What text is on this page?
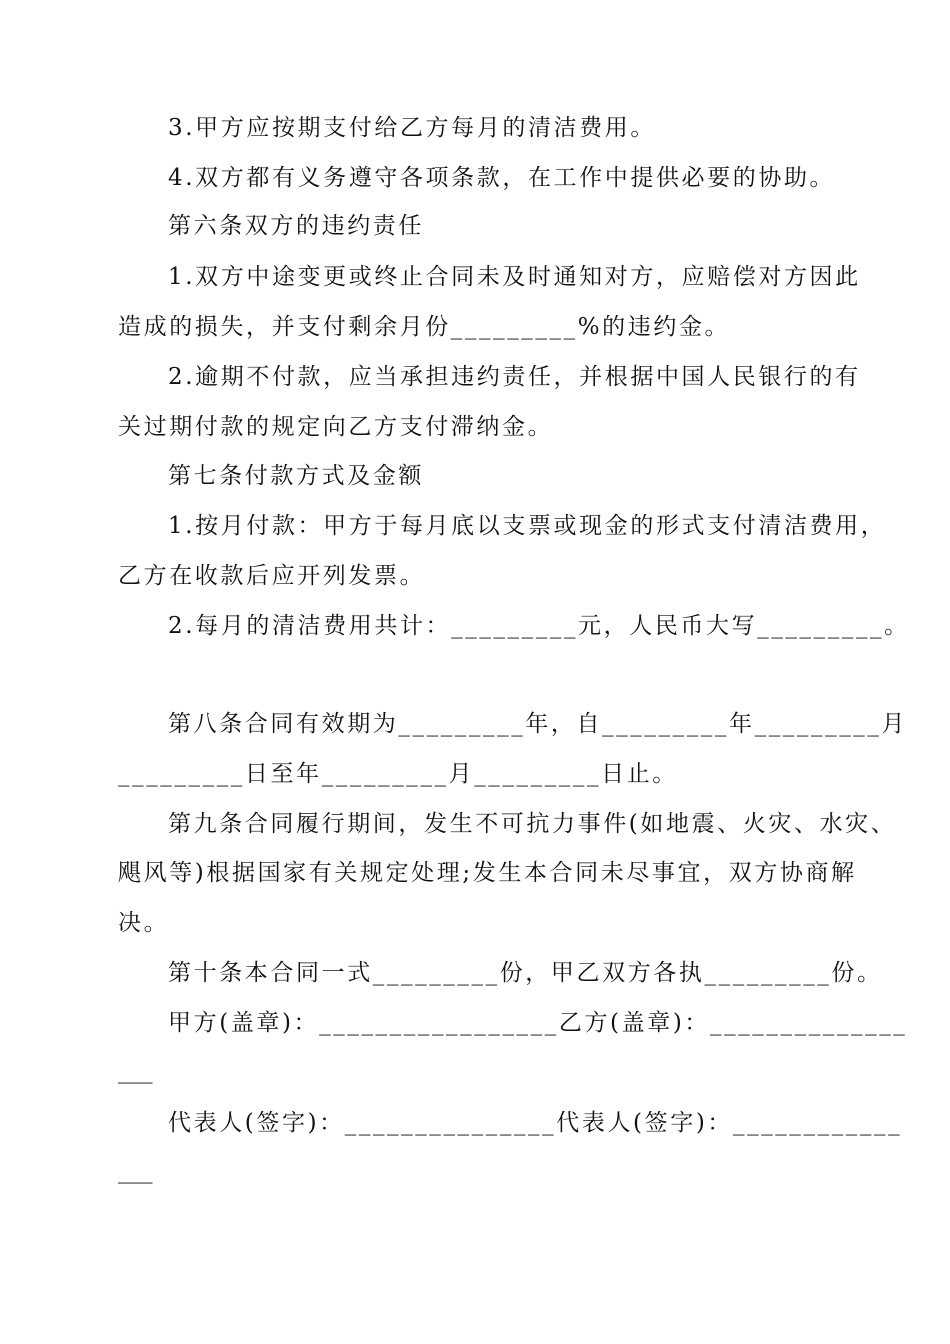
3.甲方应按期支付给乙方每月的清洁费用。
4.双方都有义务遵守各项条款，在工作中提供必要的协助。
第六条双方的违约责任
1.双方中途变更或终止合同未及时通知对方，应赔偿对方因此
造成的损失，并支付剩余月份_________%的违约金。
2.逾期不付款，应当承担违约责任，并根据中国人民银行的有
关过期付款的规定向乙方支付滞纳金。
第七条付款方式及金额
1.按月付款：甲方于每月底以支票或现金的形式支付清洁费用，
乙方在收款后应开列发票。
2.每月的清洁费用共计：_________元，人民币大写_________。
第八条合同有效期为_________年，自_________年_________月
_________日至年_________月_________日止。
第九条合同履行期间，发生不可抗力事件(如地震、火灾、水灾、
飓风等)根据国家有关规定处理;发生本合同未尽事宜，双方协商解
决。
第十条本合同一式_________份，甲乙双方各执_________份。
甲方(盖章)：_________________乙方(盖章)：______________
___
代表人(签字)：_______________代表人(签字)：____________
___
